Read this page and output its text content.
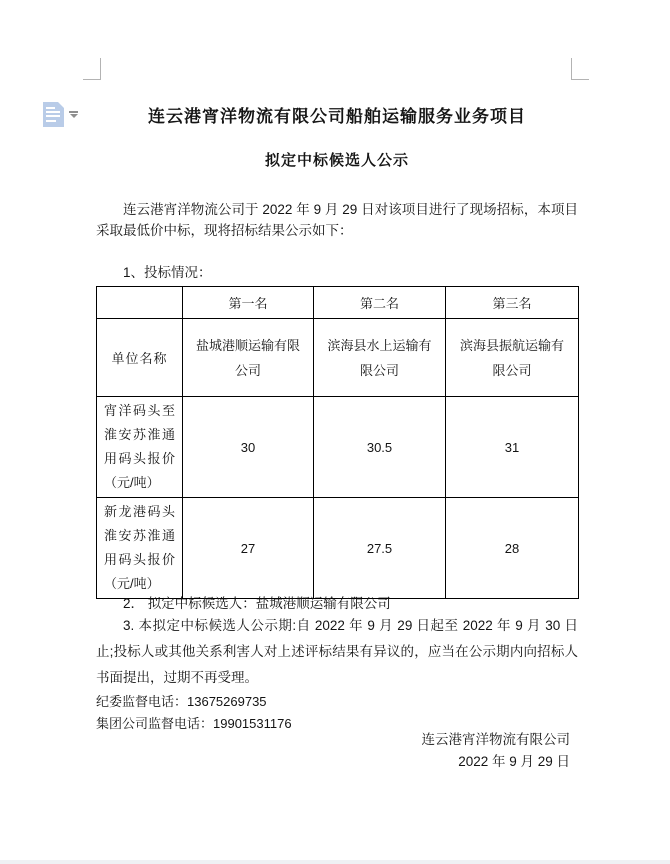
连云港宵洋物流有限公司船舶运输服务业务项目
拟定中标候选人公示
连云港宵洋物流公司于 2022 年 9 月 29 日对该项目进行了现场招标，本项目采取最低价中标，现将招标结果公示如下：
1、投标情况：
	第一名	第二名	第三名
单位名称	盐城港顺运输有限公司	滨海县水上运输有限公司	滨海县振航运输有限公司
宵洋码头至淮安苏淮通用码头报价（元/吨）	30	30.5	31
新龙港码头淮安苏淮通用码头报价（元/吨）	27	27.5	28
2． 拟定中标候选人：盐城港顺运输有限公司
3. 本拟定中标候选人公示期:自 2022 年 9 月 29 日起至 2022 年 9 月 30 日止;投标人或其他关系利害人对上述评标结果有异议的，应当在公示期内向招标人书面提出，过期不再受理。
纪委监督电话：13675269735
集团公司监督电话：19901531176
连云港宵洋物流有限公司
2022 年 9 月 29 日
